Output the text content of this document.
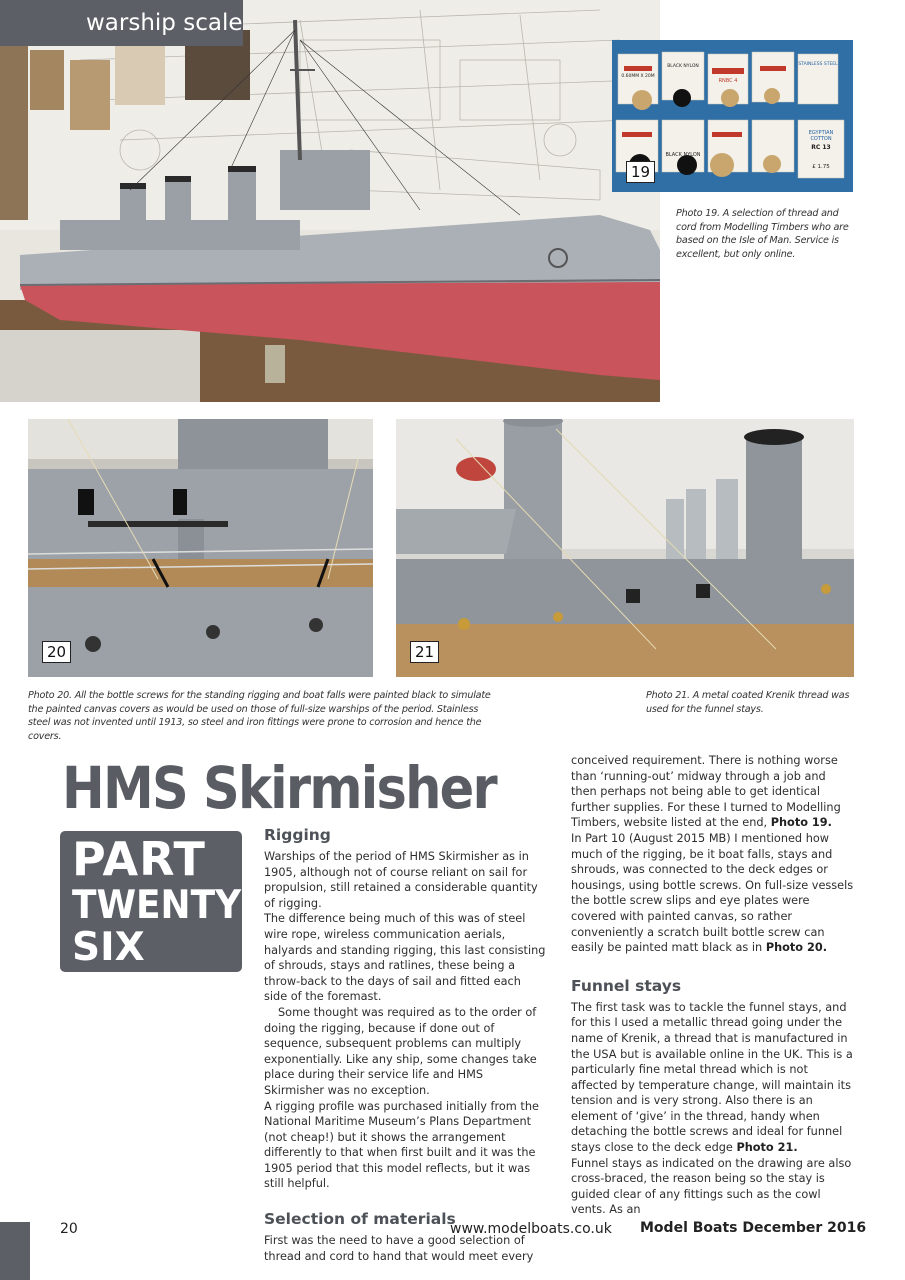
warship scale
BLACK NYLON
RNBC 4
0.60MM X 20M
STAINLESS STEEL
BLACK NYLON
EGYPTIAN COTTON
RC 13
£ 1.75
19
Photo 19. A selection of thread and cord from Modelling Timbers who are based on the Isle of Man. Service is excellent, but only online.
20	21
Photo 20. All the bottle screws for the standing rigging and boat falls were painted black to simulate the painted canvas covers as would be used on those of full-size warships of the period. Stainless steel was not invented until 1913, so steel and iron fittings were prone to corrosion and hence the covers.
Photo 21. A metal coated Krenik thread was used for the funnel stays.
HMS Skirmisher
PART
TWENTY
SIX
Rigging

Warships of the period of HMS Skirmisher as in 1905, although not of course reliant on sail for propulsion, still retained a considerable quantity of rigging.

The difference being much of this was of steel wire rope, wireless communication aerials, halyards and standing rigging, this last consisting of shrouds, stays and ratlines, these being a throw-back to the days of sail and fitted each side of the foremast.

Some thought was required as to the order of doing the rigging, because if done out of sequence, subsequent problems can multiply exponentially. Like any ship, some changes take place during their service life and HMS Skirmisher was no exception.

A rigging profile was purchased initially from the National Maritime Museum’s Plans Department (not cheap!) but it shows the arrangement differently to that when first built and it was the 1905 period that this model reflects, but it was still helpful.

Selection of materials

First was the need to have a good selection of thread and cord to hand that would meet every

conceived requirement. There is nothing worse than ‘running-out’ midway through a job and then perhaps not being able to get identical further supplies. For these I turned to Modelling Timbers, website listed at the end, Photo 19.

In Part 10 (August 2015 MB) I mentioned how much of the rigging, be it boat falls, stays and shrouds, was connected to the deck edges or housings, using bottle screws. On full-size vessels the bottle screw slips and eye plates were covered with painted canvas, so rather conveniently a scratch built bottle screw can easily be painted matt black as in Photo 20.

Funnel stays

The first task was to tackle the funnel stays, and for this I used a metallic thread going under the name of Krenik, a thread that is manufactured in the USA but is available online in the UK. This is a particularly fine metal thread which is not affected by temperature change, will maintain its tension and is very strong. Also there is an element of ‘give’ in the thread, handy when detaching the bottle screws and ideal for funnel stays close to the deck edge Photo 21.

Funnel stays as indicated on the drawing are also cross-braced, the reason being so the stay is guided clear of any fittings such as the cowl vents. As an

20	www.modelboats.co.uk Model Boats December 2016
